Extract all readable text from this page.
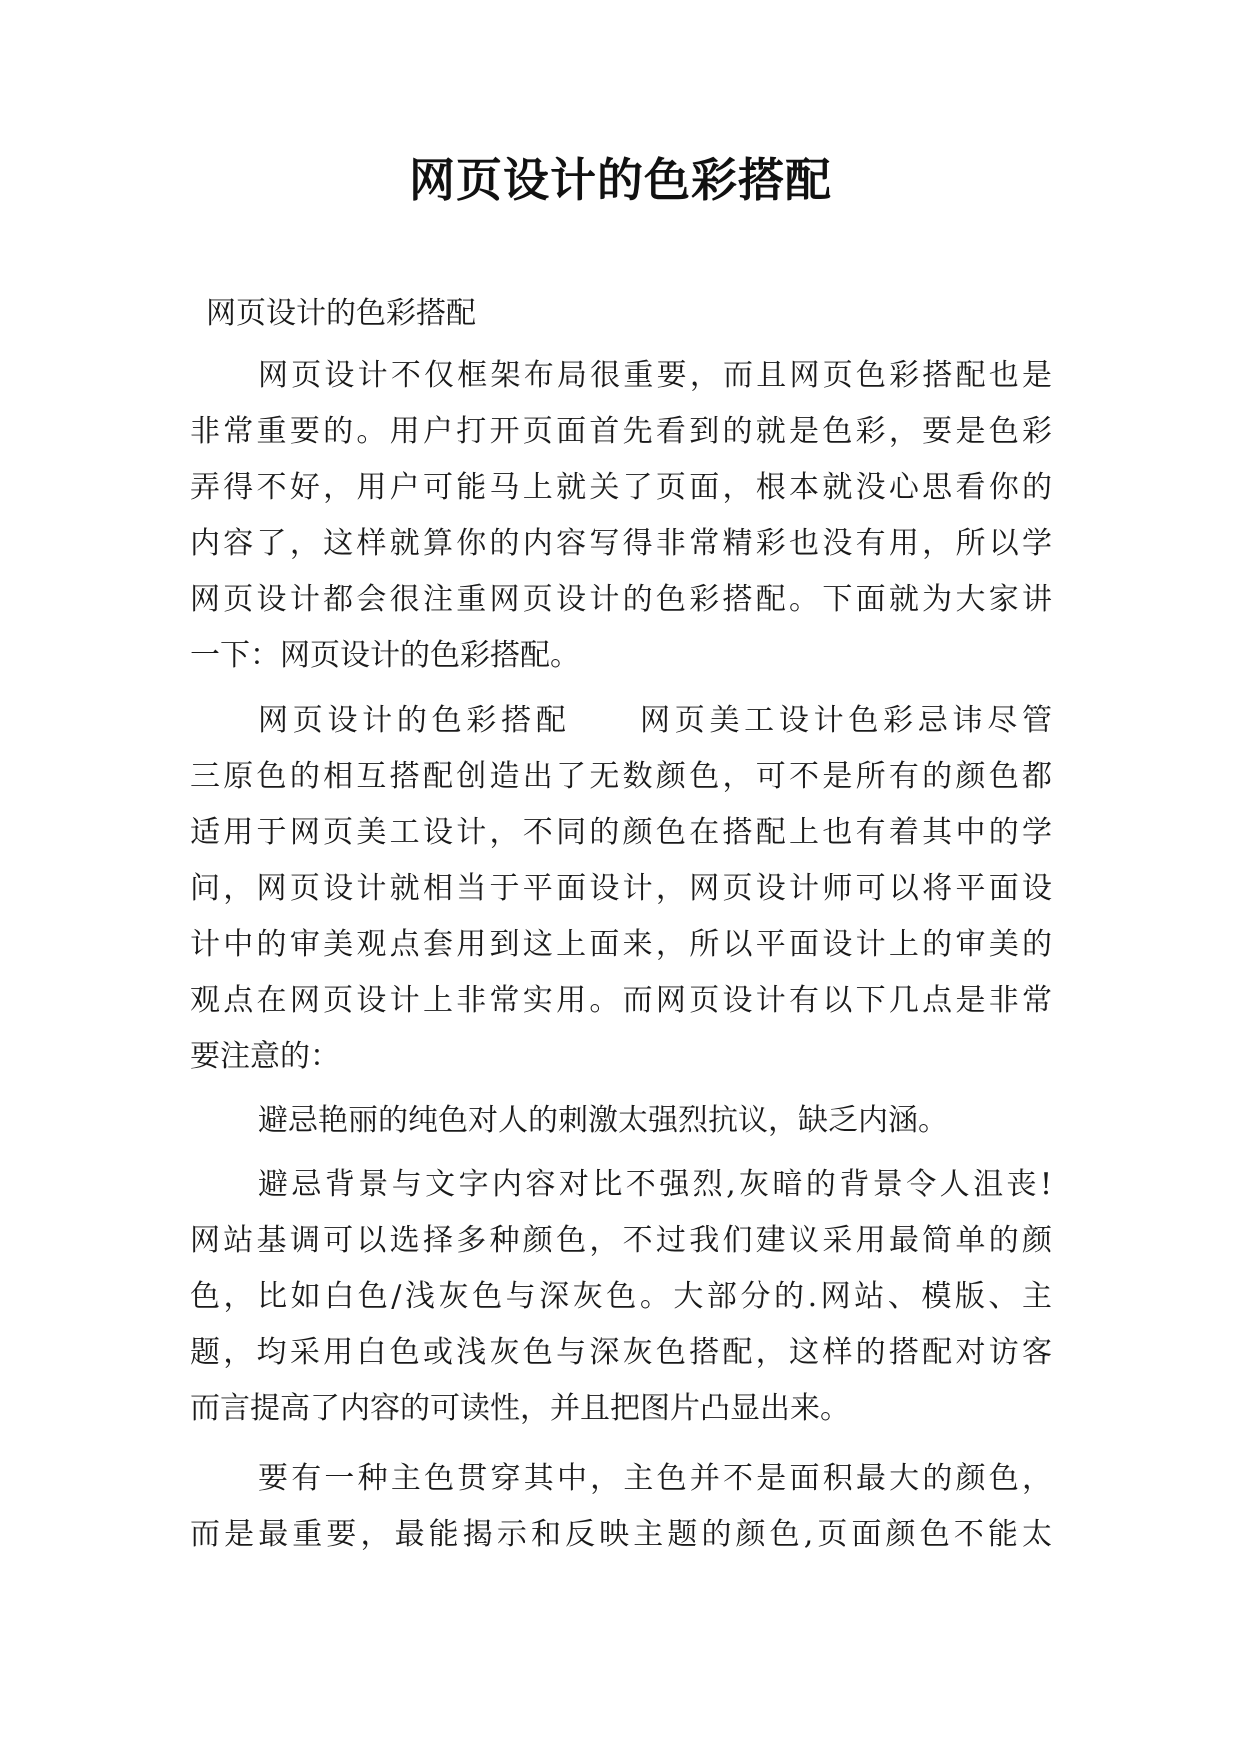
网页设计的色彩搭配
网页设计的色彩搭配
网页设计不仅框架布局很重要，而且网页色彩搭配也是
非常重要的。用户打开页面首先看到的就是色彩，要是色彩
弄得不好，用户可能马上就关了页面，根本就没心思看你的
内容了，这样就算你的内容写得非常精彩也没有用，所以学
网页设计都会很注重网页设计的色彩搭配。下面就为大家讲
一下：网页设计的色彩搭配。
网页设计的色彩搭配　　网页美工设计色彩忌讳尽管
三原色的相互搭配创造出了无数颜色，可不是所有的颜色都
适用于网页美工设计，不同的颜色在搭配上也有着其中的学
问，网页设计就相当于平面设计，网页设计师可以将平面设
计中的审美观点套用到这上面来，所以平面设计上的审美的
观点在网页设计上非常实用。而网页设计有以下几点是非常
要注意的：
避忌艳丽的纯色对人的刺激太强烈抗议，缺乏内涵。
避忌背景与文字内容对比不强烈,灰暗的背景令人沮丧!
网站基调可以选择多种颜色，不过我们建议采用最简单的颜
色，比如白色/浅灰色与深灰色。大部分的.网站、模版、主
题，均采用白色或浅灰色与深灰色搭配，这样的搭配对访客
而言提高了内容的可读性，并且把图片凸显出来。
要有一种主色贯穿其中，主色并不是面积最大的颜色，
而是最重要，最能揭示和反映主题的颜色,页面颜色不能太
